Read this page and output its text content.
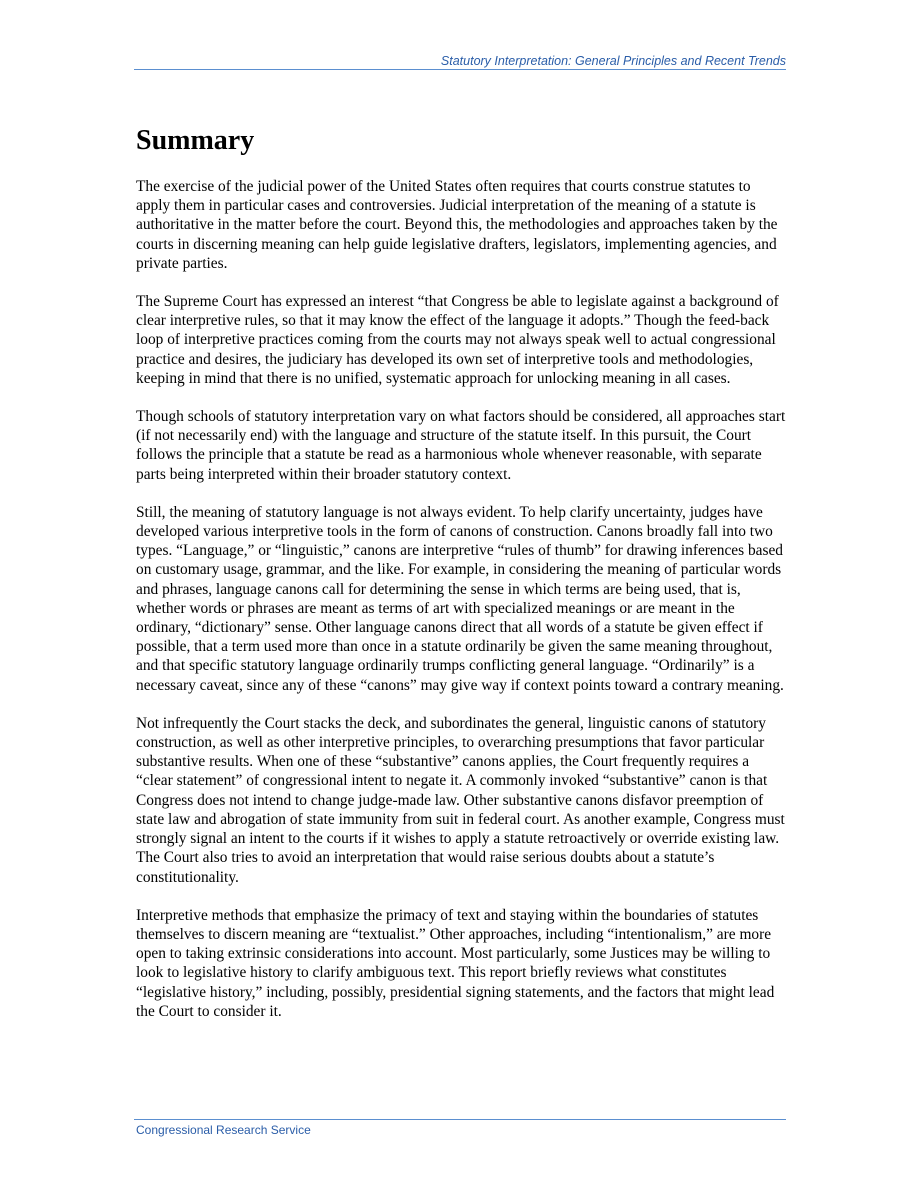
Statutory Interpretation: General Principles and Recent Trends
Summary

The exercise of the judicial power of the United States often requires that courts construe statutes to apply them in particular cases and controversies. Judicial interpretation of the meaning of a statute is authoritative in the matter before the court. Beyond this, the methodologies and approaches taken by the courts in discerning meaning can help guide legislative drafters, legislators, implementing agencies, and private parties.

The Supreme Court has expressed an interest “that Congress be able to legislate against a background of clear interpretive rules, so that it may know the effect of the language it adopts.” Though the feed-back loop of interpretive practices coming from the courts may not always speak well to actual congressional practice and desires, the judiciary has developed its own set of interpretive tools and methodologies, keeping in mind that there is no unified, systematic approach for unlocking meaning in all cases.

Though schools of statutory interpretation vary on what factors should be considered, all approaches start (if not necessarily end) with the language and structure of the statute itself. In this pursuit, the Court follows the principle that a statute be read as a harmonious whole whenever reasonable, with separate parts being interpreted within their broader statutory context.

Still, the meaning of statutory language is not always evident. To help clarify uncertainty, judges have developed various interpretive tools in the form of canons of construction. Canons broadly fall into two types. “Language,” or “linguistic,” canons are interpretive “rules of thumb” for drawing inferences based on customary usage, grammar, and the like. For example, in considering the meaning of particular words and phrases, language canons call for determining the sense in which terms are being used, that is, whether words or phrases are meant as terms of art with specialized meanings or are meant in the ordinary, “dictionary” sense. Other language canons direct that all words of a statute be given effect if possible, that a term used more than once in a statute ordinarily be given the same meaning throughout, and that specific statutory language ordinarily trumps conflicting general language. “Ordinarily” is a necessary caveat, since any of these “canons” may give way if context points toward a contrary meaning.

Not infrequently the Court stacks the deck, and subordinates the general, linguistic canons of statutory construction, as well as other interpretive principles, to overarching presumptions that favor particular substantive results. When one of these “substantive” canons applies, the Court frequently requires a “clear statement” of congressional intent to negate it. A commonly invoked “substantive” canon is that Congress does not intend to change judge-made law. Other substantive canons disfavor preemption of state law and abrogation of state immunity from suit in federal court. As another example, Congress must strongly signal an intent to the courts if it wishes to apply a statute retroactively or override existing law. The Court also tries to avoid an interpretation that would raise serious doubts about a statute’s constitutionality.

Interpretive methods that emphasize the primacy of text and staying within the boundaries of statutes themselves to discern meaning are “textualist.” Other approaches, including “intentionalism,” are more open to taking extrinsic considerations into account. Most particularly, some Justices may be willing to look to legislative history to clarify ambiguous text. This report briefly reviews what constitutes “legislative history,” including, possibly, presidential signing statements, and the factors that might lead the Court to consider it.

Congressional Research Service
